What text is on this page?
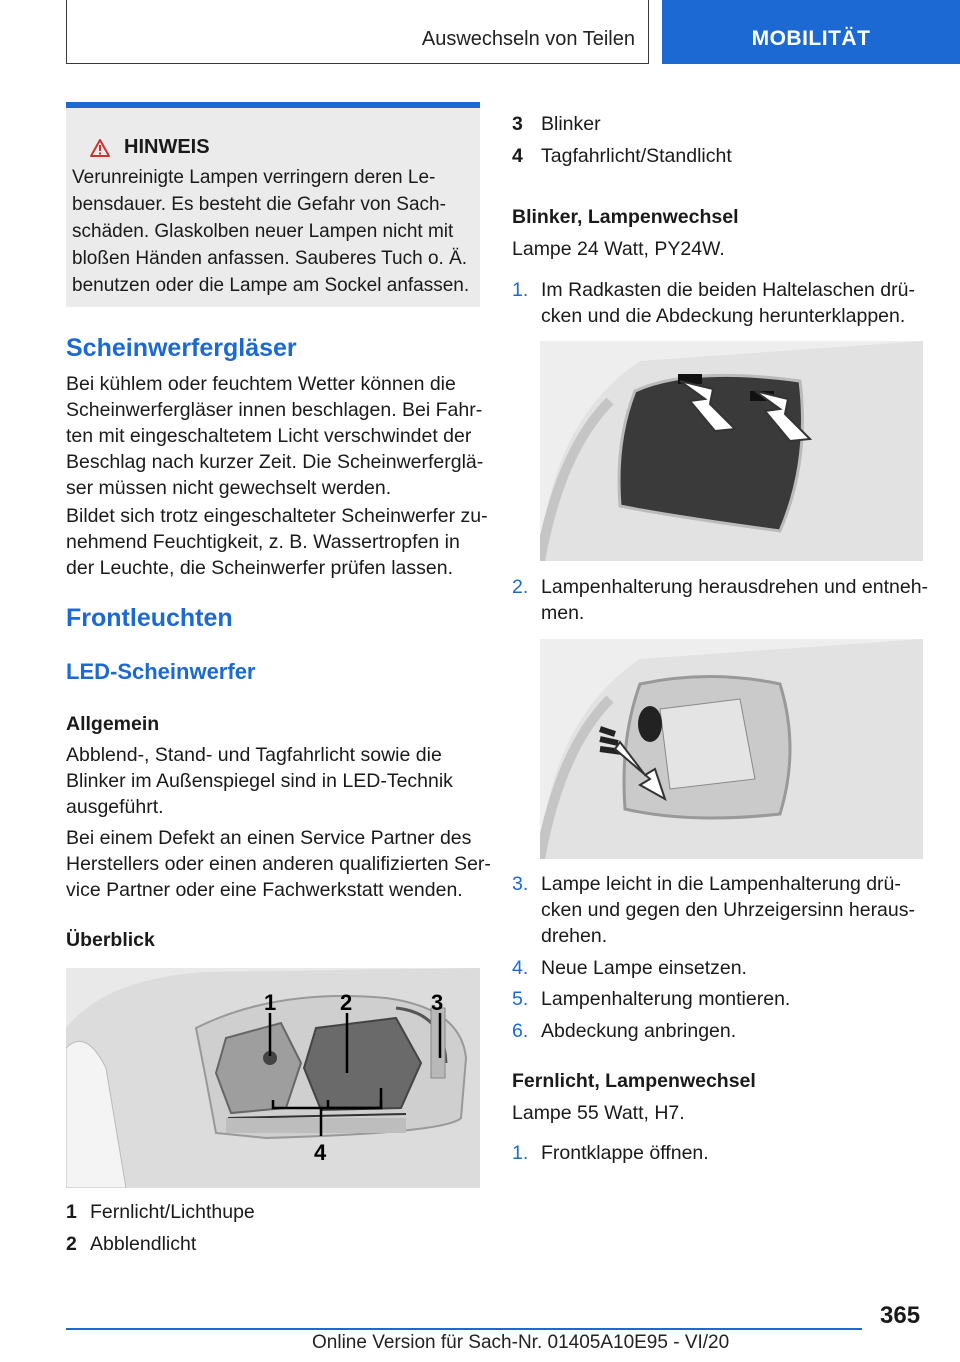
Auswechseln von Teilen	MOBILITÄT
HINWEIS
Verunreinigte Lampen verringern deren Le-
bensdauer. Es besteht die Gefahr von Sach-
schäden. Glaskolben neuer Lampen nicht mit
bloßen Händen anfassen. Sauberes Tuch o. Ä.
benutzen oder die Lampe am Sockel anfassen.
Scheinwerfergläser
Bei kühlem oder feuchtem Wetter können die
Scheinwerfergläser innen beschlagen. Bei Fahr-
ten mit eingeschaltetem Licht verschwindet der
Beschlag nach kurzer Zeit. Die Scheinwerferglä-
ser müssen nicht gewechselt werden.
Bildet sich trotz eingeschalteter Scheinwerfer zu-
nehmend Feuchtigkeit, z. B. Wassertropfen in
der Leuchte, die Scheinwerfer prüfen lassen.
Frontleuchten
LED-Scheinwerfer
Allgemein
Abblend-, Stand- und Tagfahrlicht sowie die
Blinker im Außenspiegel sind in LED-Technik
ausgeführt.
Bei einem Defekt an einen Service Partner des
Herstellers oder einen anderen qualifizierten Ser-
vice Partner oder eine Fachwerkstatt wenden.
Überblick
1	2	3
4
1 Fernlicht/Lichthupe
2 Abblendlicht
3 Blinker
4 Tagfahrlicht/Standlicht
Blinker, Lampenwechsel
Lampe 24 Watt, PY24W.
1. Im Radkasten die beiden Haltelaschen drü-
cken und die Abdeckung herunterklappen.
2. Lampenhalterung herausdrehen und entneh-
men.
3. Lampe leicht in die Lampenhalterung drü-
cken und gegen den Uhrzeigersinn heraus-
drehen.
4. Neue Lampe einsetzen.
5. Lampenhalterung montieren.
6. Abdeckung anbringen.
Fernlicht, Lampenwechsel
Lampe 55 Watt, H7.
1. Frontklappe öffnen.
365
Online Version für Sach-Nr. 01405A10E95 - VI/20
